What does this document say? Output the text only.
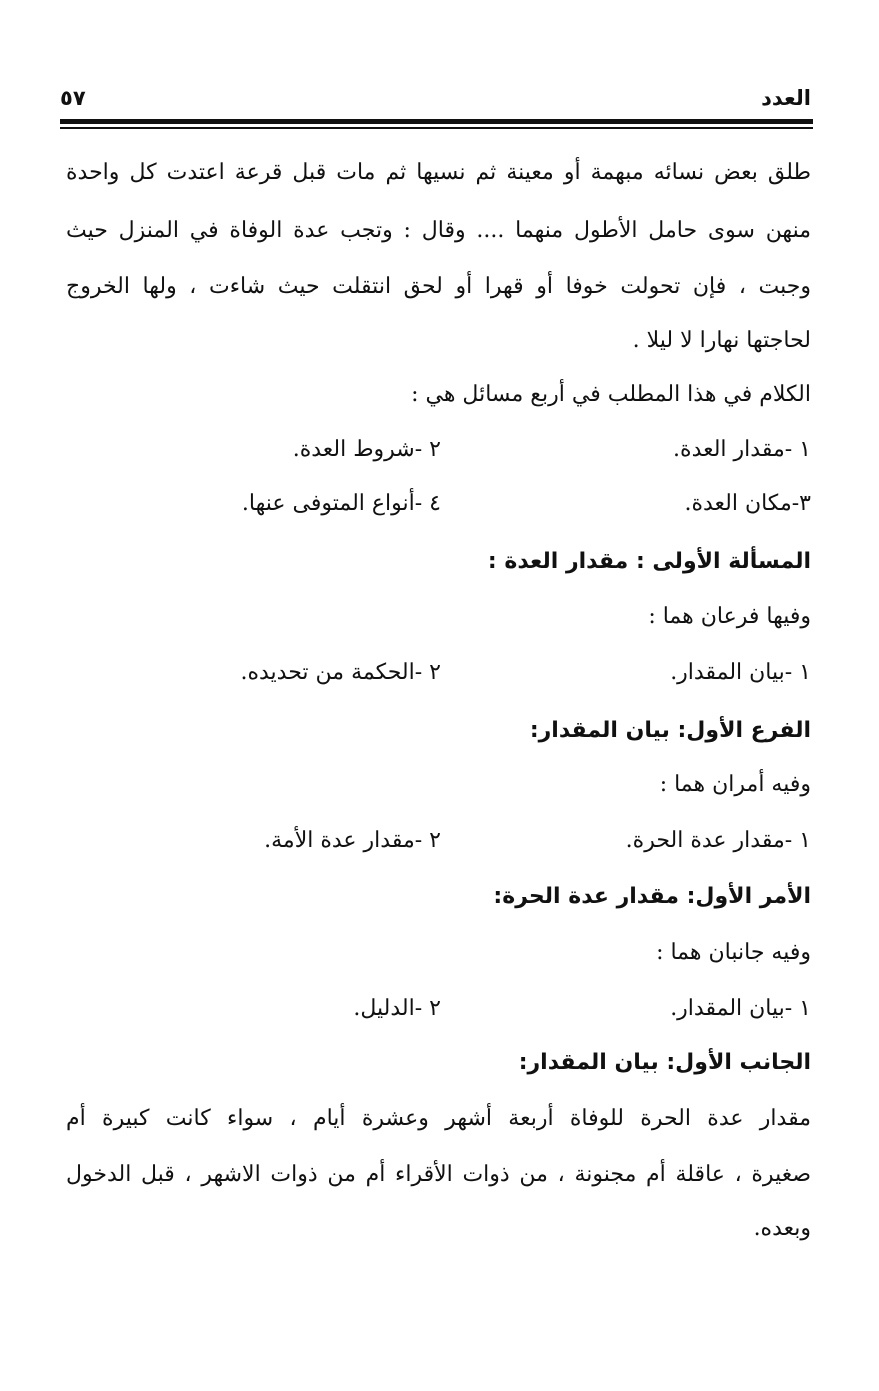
العدد
٥٧
طلق بعض نسائه مبهمة أو معينة ثم نسيها ثم مات قبل قرعة اعتدت كل واحدة
منهن سوى حامل الأطول منهما .... وقال : وتجب عدة الوفاة في المنزل حيث
وجبت ، فإن تحولت خوفا أو قهرا أو لحق انتقلت حيث شاءت ، ولها الخروج
لحاجتها نهارا لا ليلا .
الكلام في هذا المطلب في أربع مسائل هي :
١ -مقدار العدة.
٢ -شروط العدة.
٣-مكان العدة.
٤ -أنواع المتوفى عنها.
المسألة الأولى : مقدار العدة :
وفيها فرعان هما :
١ -بيان المقدار.
٢ -الحكمة من تحديده.
الفرع الأول: بيان المقدار:
وفيه أمران هما :
١ -مقدار عدة الحرة.
٢ -مقدار عدة الأمة.
الأمر الأول: مقدار عدة الحرة:
وفيه جانبان هما :
١ -بيان المقدار.
٢ -الدليل.
الجانب الأول: بيان المقدار:
مقدار عدة الحرة للوفاة أربعة أشهر وعشرة أيام ، سواء كانت كبيرة أم
صغيرة ، عاقلة أم مجنونة ، من ذوات الأقراء أم من ذوات الاشهر ، قبل الدخول
وبعده.
